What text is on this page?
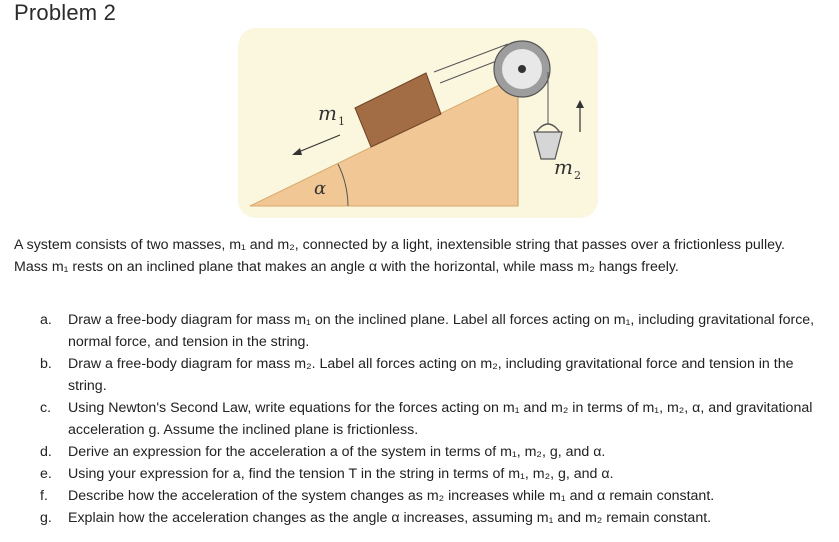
Problem 2
$m_1$
$m_2$
α
A system consists of two masses, m₁ and m₂, connected by a light, inextensible string that passes over a frictionless pulley. Mass m₁ rests on an inclined plane that makes an angle α with the horizontal, while mass m₂ hangs freely.
a.	Draw a free-body diagram for mass m₁ on the inclined plane. Label all forces acting on m₁, including gravitational force, normal force, and tension in the string.
b.	Draw a free-body diagram for mass m₂. Label all forces acting on m₂, including gravitational force and tension in the string.
c.	Using Newton's Second Law, write equations for the forces acting on m₁ and m₂ in terms of m₁, m₂, α, and gravitational acceleration g. Assume the inclined plane is frictionless.
d.	Derive an expression for the acceleration a of the system in terms of m₁, m₂, g, and α.
e.	Using your expression for a, find the tension T in the string in terms of m₁, m₂, g, and α.
f.	Describe how the acceleration of the system changes as m₂ increases while m₁ and α remain constant.
g.	Explain how the acceleration changes as the angle α increases, assuming m₁ and m₂ remain constant.
